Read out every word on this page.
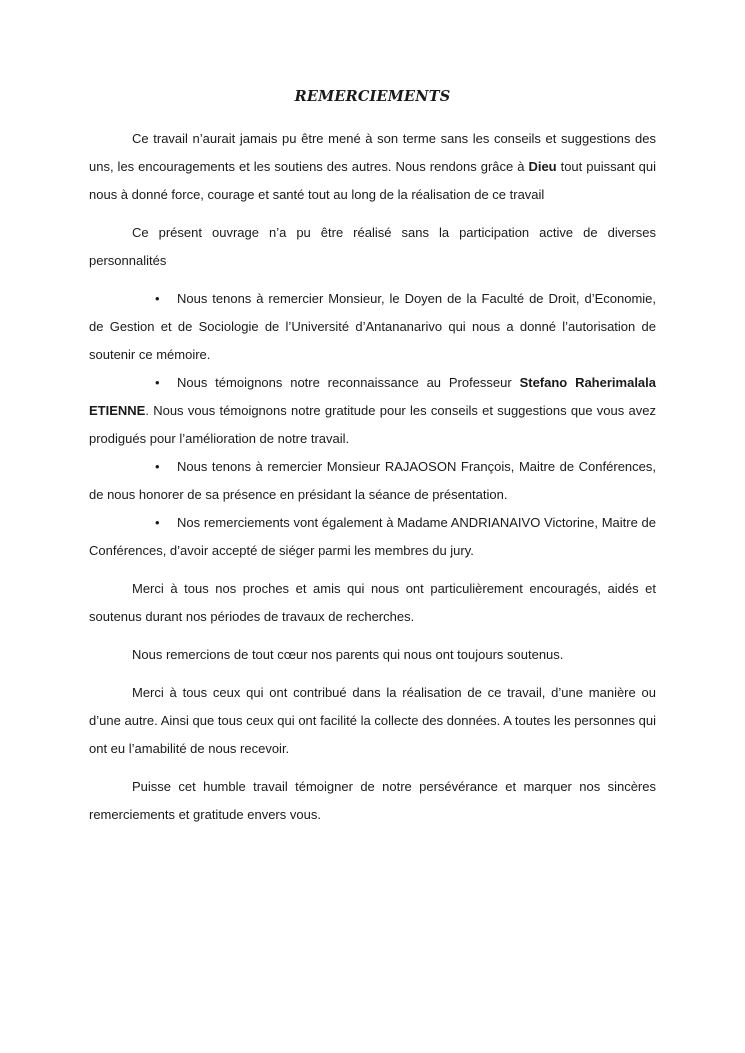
REMERCIEMENTS

Ce travail n’aurait jamais pu être mené à son terme sans les conseils et suggestions des uns, les encouragements et les soutiens des autres. Nous rendons grâce à Dieu tout puissant qui nous à donné force, courage et santé tout au long de la réalisation de ce travail

Ce présent ouvrage n’a pu être réalisé sans la participation active de diverses personnalités

• Nous tenons à remercier Monsieur, le Doyen de la Faculté de Droit, d’Economie, de Gestion et de Sociologie de l’Université d’Antananarivo qui nous a donné l’autorisation de soutenir ce mémoire.

• Nous témoignons notre reconnaissance au Professeur Stefano Raherimalala ETIENNE. Nous vous témoignons notre gratitude pour les conseils et suggestions que vous avez prodigués pour l’amélioration de notre travail.

• Nous tenons à remercier Monsieur RAJAOSON François, Maitre de Conférences, de nous honorer de sa présence en présidant la séance de présentation.

• Nos remerciements vont également à Madame ANDRIANAIVO Victorine, Maitre de Conférences, d’avoir accepté de siéger parmi les membres du jury.

Merci à tous nos proches et amis qui nous ont particulièrement encouragés, aidés et soutenus durant nos périodes de travaux de recherches.

Nous remercions de tout cœur nos parents qui nous ont toujours soutenus.

Merci à tous ceux qui ont contribué dans la réalisation de ce travail, d’une manière ou d’une autre. Ainsi que tous ceux qui ont facilité la collecte des données. A toutes les personnes qui ont eu l’amabilité de nous recevoir.

Puisse cet humble travail témoigner de notre persévérance et marquer nos sincères remerciements et gratitude envers vous.
